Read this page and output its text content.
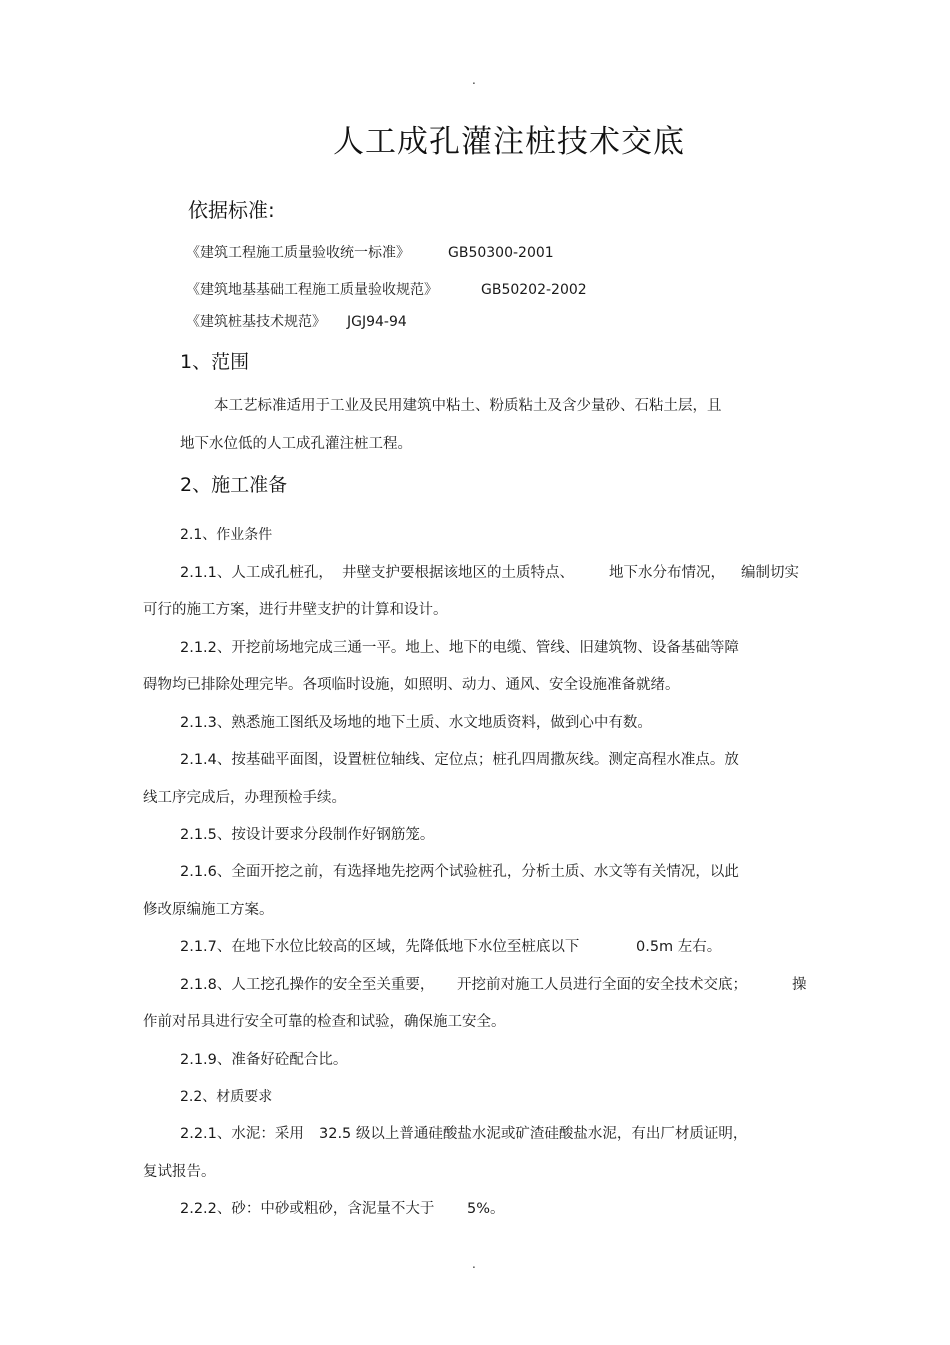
.
人工成孔灌注桩技术交底
依据标准:
《建筑工程施工质量验收统一标准》	GB50300-2001
《建筑地基基础工程施工质量验收规范》	GB50202-2002
《建筑桩基技术规范》 JGJ94-94
1、范围
本工艺标准适用于工业及民用建筑中粘土、粉质粘土及含少量砂、石粘土层，且
地下水位低的人工成孔灌注桩工程。
2、施工准备
2.1、作业条件
2.1.1、人工成孔桩孔， 井壁支护要根据该地区的土质特点、 地下水分布情况， 编制切实
可行的施工方案，进行井壁支护的计算和设计。
2.1.2、开挖前场地完成三通一平。地上、地下的电缆、管线、旧建筑物、设备基础等障
碍物均已排除处理完毕。各项临时设施，如照明、动力、通风、安全设施准备就绪。
2.1.3、熟悉施工图纸及场地的地下土质、水文地质资料，做到心中有数。
2.1.4、按基础平面图，设置桩位轴线、定位点；桩孔四周撒灰线。测定高程水准点。放
线工序完成后，办理预检手续。
2.1.5、按设计要求分段制作好钢筋笼。
2.1.6、全面开挖之前，有选择地先挖两个试验桩孔，分析土质、水文等有关情况，以此
修改原编施工方案。
2.1.7、在地下水位比较高的区域，先降低地下水位至桩底以下	0.5m 左右。
2.1.8、人工挖孔操作的安全至关重要， 开挖前对施工人员进行全面的安全技术交底；	操
作前对吊具进行安全可靠的检查和试验，确保施工安全。
2.1.9、准备好砼配合比。
2.2、材质要求
2.2.1、水泥：采用 32.5 级以上普通硅酸盐水泥或矿渣硅酸盐水泥，有出厂材质证明，
复试报告。
2.2.2、砂：中砂或粗砂，含泥量不大于 5%。
.
